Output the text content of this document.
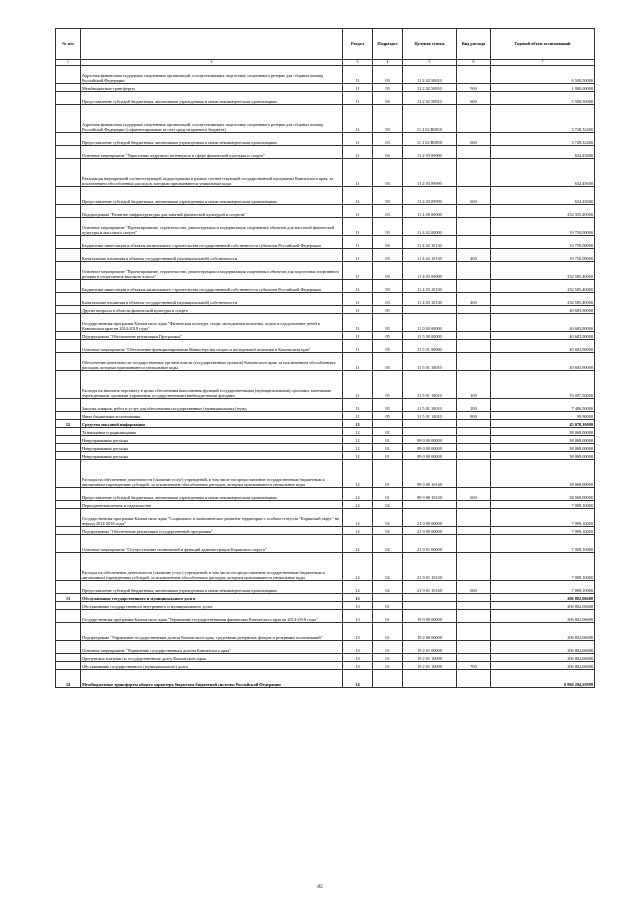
№ п/п		Раздел	Подраздел	Целевая статья	Вид расхода	Годовой объем ассигнований
1	2	3	4	5	6	7
	Адресная финансовая поддержка спортивных организаций, осуществляющих подготовку спортивного резерва для сборных команд Российской Федерации	11	03	11 2 02 50810		6 508,50000
	Межбюджетные трансферты	11	03	11 2 02 50810	500	1 000,00000
	Предоставление субсидий бюджетным, автономным учреждениям и иным некоммерческим организациям	11	03	11 2 02 50810	600	5 508,50000
	Адресная финансовая поддержка спортивных организаций, осуществляющих подготовку спортивного резерва для сборных команд Российской Федерации (софинансирование за счет средств краевого бюджета)	11	03	11 2 02 R0810		3 728,32400
	Предоставление субсидий бюджетным, автономным учреждениям и иным некоммерческим организациям	11	03	11 2 02 R0810	600	3 728,32400
	Основное мероприятие "Укрепление кадрового потенциала в сфере физической культуры и спорта"	11	03	11 2 03 00000		632,45600
	Реализация мероприятий соответствующей подпрограммы в рамках соответствующей государственной программы Камчатского края, за исключением обособленных расходов, которым присваиваются уникальные коды	11	03	11 2 03 09990		632,45600
	Предоставление субсидий бюджетным, автономным учреждениям и иным некоммерческим организациям	11	03	11 2 03 09990	600	632,45600
	Подпрограмма "Развитие инфраструктуры для занятий физической культурой и спортом"	11	03	11 4 00 00000		252 335,40000
	Основное мероприятие "Проектирование, строительство, реконструкция и модернизация спортивных объектов для массовой физической культуры и массового спорта"	11	03	11 4 02 00000		19 750,00000
	Бюджетные инвестиции в объекты капитального строительства государственной собственности субъектов Российской Федерации	11	03	11 4 02 10130		19 750,00000
	Капитальные вложения в объекты государственной (муниципальной) собственности	11	03	11 4 02 10130	400	19 750,00000
	Основное мероприятие "Проектирование, строительство, реконструкция и модернизация спортивных объектов для подготовки спортивного резерва и спортсменов высокого класса"	11	03	11 4 03 00000		232 585,40000
	Бюджетные инвестиции в объекты капитального строительства государственной собственности субъектов Российской Федерации	11	03	11 4 03 10130		232 585,40000
	Капитальные вложения в объекты государственной (муниципальной) собственности	11	03	11 4 03 10130	400	232 585,40000
	Другие вопросы в области физической культуры и спорта	11	05			40 683,90000
	Государственная программа Камчатского края "Физическая культура, спорт, молодежная политика, отдых и оздоровление детей в Камчатском крае на 2014-2018 годы"	11	05	11 0 00 00000		40 683,90000
	Подпрограмма "Обеспечение реализации Программы"	11	05	11 5 00 00000		40 683,90000
	Основное мероприятие "Обеспечение функционирования Министерства спорта и молодежной политики в Камчатском крае"	11	05	11 5 01 00000		40 683,90000
	Обеспечение деятельности государственных органов власти (государственных органов) Камчатского края, за исключением обособленных расходов, которым присваиваются уникальные коды	11	05	11 5 01 10010		40 683,90000
	Расходы на выплаты персоналу в целях обеспечения выполнения функций государственными (муниципальными) органами, казенными учреждениями, органами управления государственными внебюджетными фондами	11	05	11 5 01 10010	100	33 097,50000
	Закупка товаров, работ и услуг для обеспечения государственных (муниципальных) нужд	11	05	11 5 01 10010	200	7 486,50000
	Иные бюджетные ассигнования	11	05	11 5 01 10010	800	99,90000
12	Средства массовой информации	12				45 078,10000
	Телевидение и радиовещание	12	01			38 069,00000
	Непрограммные расходы	12	01	99 0 00 00000		38 069,00000
	Непрограммные расходы	12	01	99 0 00 00000		38 069,00000
	Непрограммные расходы	12	01	99 0 00 00000		38 069,00000
	Расходы на обеспечение деятельности (оказание услуг) учреждений, в том числе на предоставление государственным бюджетным и автономным учреждениям субсидий, за исключением обособленных расходов, которым присваиваются уникальные коды	12	01	99 0 00 10140		38 069,00000
	Предоставление субсидий бюджетным, автономным учреждениям и иным некоммерческим организациям	12	01	99 0 00 10140	600	38 069,00000
	Периодическая печать и издательства	12	02			7 009,10000
	Государственная программа Камчатского края "Социальное и экономическое развитие территории с особым статусом "Корякский округ" на период 2014-2018 годы"	12	02	21 0 00 00000		7 009,10000
	Подпрограмма "Обеспечение реализации государственной программы"	12	02	21 9 00 00000		7 009,10000
	Основное мероприятие "Осуществление полномочий и функций администрации Корякского округа"	12	02	21 9 01 00000		7 009,10000
	Расходы на обеспечение деятельности (оказание услуг) учреждений, в том числе на предоставление государственным бюджетным и автономным учреждениям субсидий, за исключением обособленных расходов, которым присваиваются уникальные коды	12	02	21 9 01 10140		7 009,10000
	Предоставление субсидий бюджетным, автономным учреждениям и иным некоммерческим организациям	12	02	21 9 01 10140	600	7 009,10000
13	Обслуживание государственного и муниципального долга	13				206 802,06680
	Обслуживание государственного внутреннего и муниципального долга	13	01			206 802,06680
	Государственная программа Камчатского края "Управление государственными финансами Камчатского края на 2014-2018 годы"	13	01	19 0 00 00000		206 802,06680
	Подпрограмма "Управление государственным долгом Камчатского края, средствами резервных фондов и резервами ассигнований"	13	01	19 2 00 00000		206 802,06680
	Основное мероприятие "Управление государственным долгом Камчатского края"	13	01	19 2 01 00000		206 802,06680
	Процентные платежи по государственному долгу Камчатского края	13	01	19 2 01 10090		206 802,06680
	Обслуживание государственного (муниципального) долга	13	01	19 2 01 10090	700	206 802,06680
14	Межбюджетные трансферты общего характера бюджетам бюджетной системы Российской Федерации	14				6 866 294,25999
85
